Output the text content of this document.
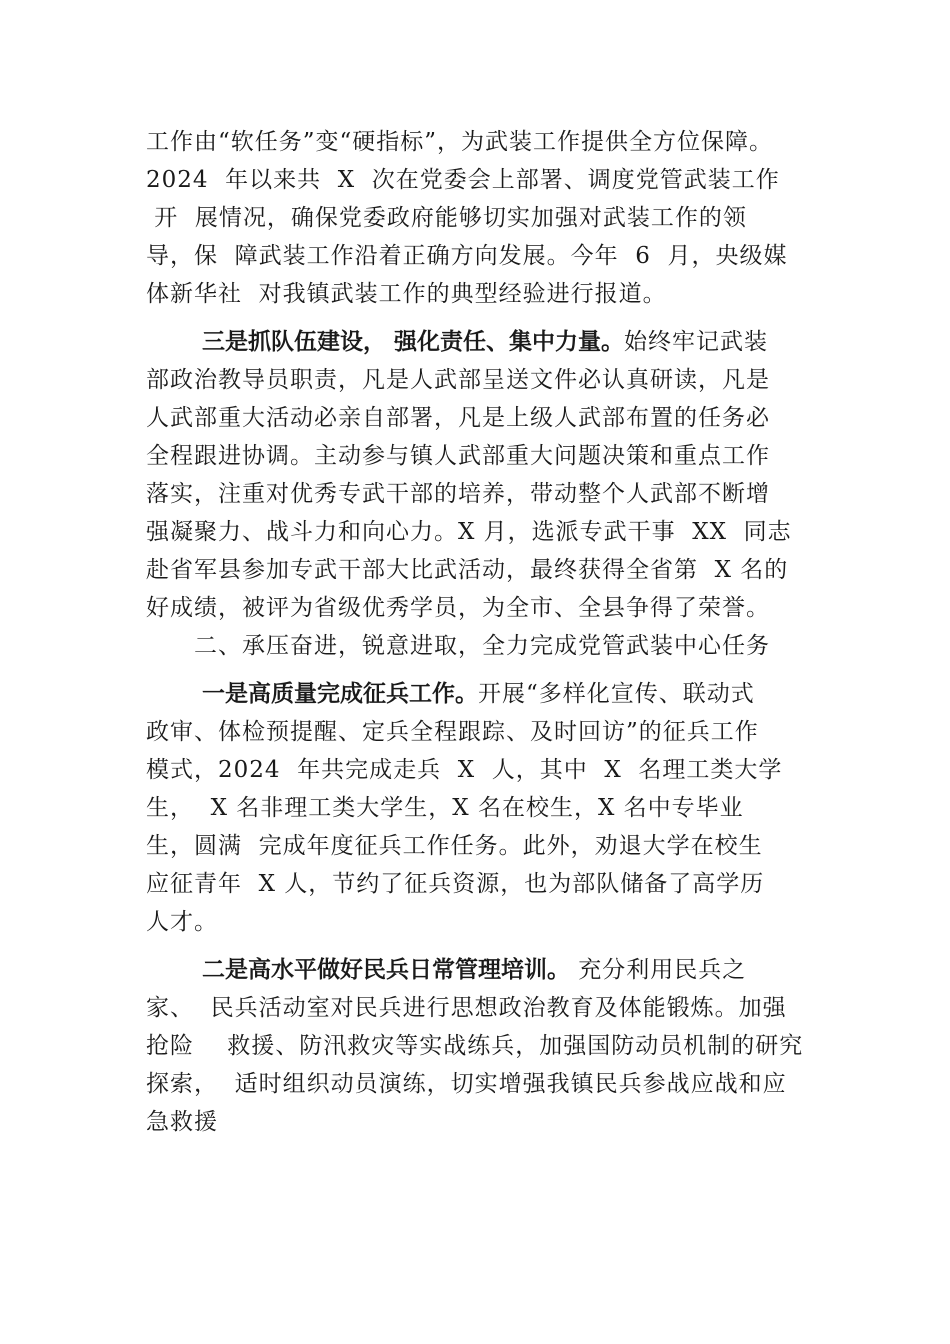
工作由“软任务”变“硬指标”，为武装工作提供全方位保障。
2024  年以来共  X  次在党委会上部署、调度党管武装工作
开  展情况，确保党委政府能够切实加强对武装工作的领
导，保  障武装工作沿着正确方向发展。今年  6  月，央级媒
体新华社  对我镇武装工作的典型经验进行报道。
三是抓队伍建设， 强化责任、集中力量。始终牢记武装
部政治教导员职责，凡是人武部呈送文件必认真研读，凡是
人武部重大活动必亲自部署，凡是上级人武部布置的任务必
全程跟进协调。主动参与镇人武部重大问题决策和重点工作
落实，注重对优秀专武干部的培养，带动整个人武部不断增
强凝聚力、战斗力和向心力。X 月，选派专武干事  XX  同志
赴省军县参加专武干部大比武活动，最终获得全省第  X 名的
好成绩，被评为省级优秀学员，为全市、全县争得了荣誉。
二、承压奋进，锐意进取，全力完成党管武装中心任务
一是高质量完成征兵工作。开展“多样化宣传、联动式
政审、体检预提醒、定兵全程跟踪、及时回访”的征兵工作
模式，2024  年共完成走兵  X  人，其中  X  名理工类大学
生，  X 名非理工类大学生，X 名在校生，X 名中专毕业
生，圆满  完成年度征兵工作任务。此外，劝退大学在校生
应征青年  X 人，节约了征兵资源，也为部队储备了高学历
人才。
二是高水平做好民兵日常管理培训。 充分利用民兵之
家、  民兵活动室对民兵进行思想政治教育及体能锻炼。加强
抢险    救援、防汛救灾等实战练兵，加强国防动员机制的研究
探索，  适时组织动员演练，切实增强我镇民兵参战应战和应
急救援
